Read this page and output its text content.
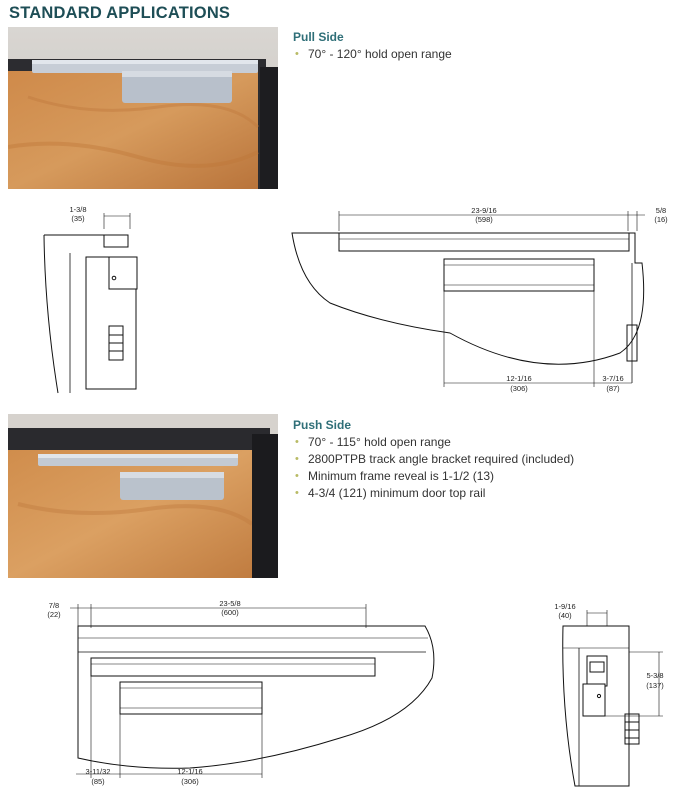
STANDARD APPLICATIONS
Pull Side
• 70° - 120° hold open range
1-3/8
(35)
23-9/16
(598)
5/8
(16)
12-1/16
(306)
3-7/16
(87)
Push Side
• 70° - 115° hold open range
• 2800PTPB track angle bracket required (included)
• Minimum frame reveal is 1-1/2 (13)
• 4-3/4 (121) minimum door top rail
7/8
(22)
23-5/8
(600)
3-11/32
(85)
12-1/16
(306)
1-9/16
(40)
5-3/8
(137)
